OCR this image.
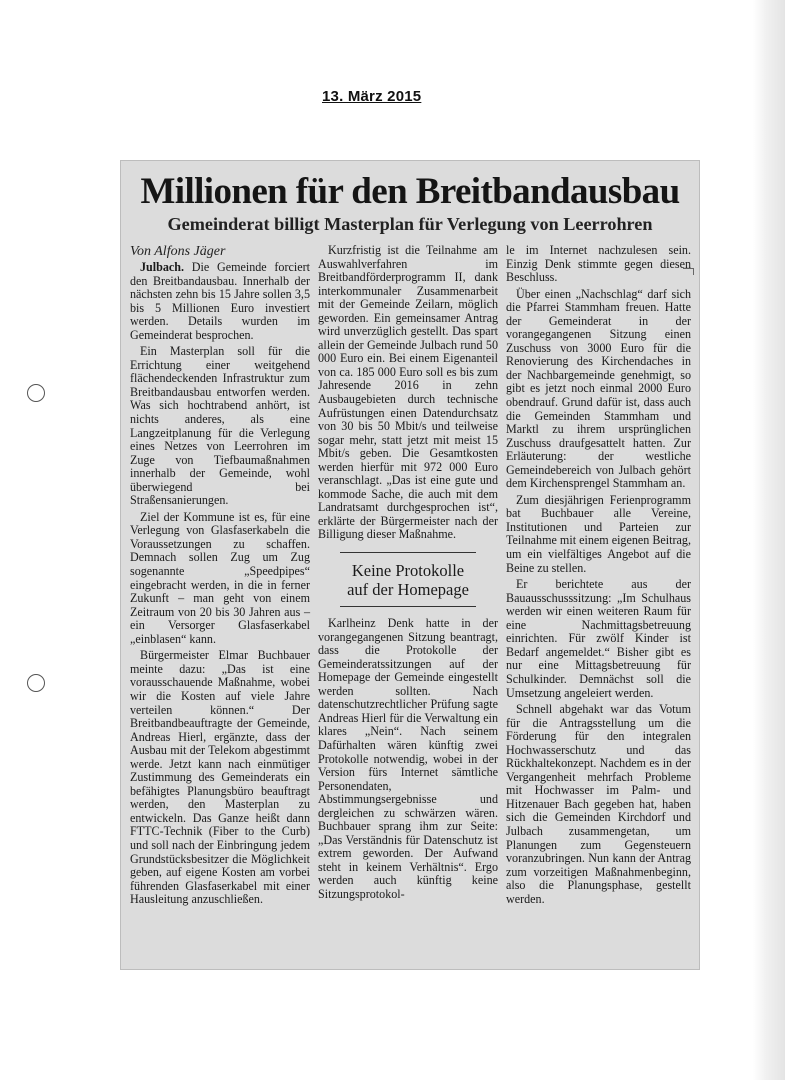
13. März 2015
Millionen für den Breitbandausbau
Gemeinderat billigt Masterplan für Verlegung von Leerrohren
Von Alfons Jäger

Julbach. Die Gemeinde forciert den Breitbandausbau. Innerhalb der nächsten zehn bis 15 Jahre sollen 3,5 bis 5 Millionen Euro investiert werden. Details wurden im Gemeinderat besprochen.

Ein Masterplan soll für die Errichtung einer weitgehend flächendeckenden Infrastruktur zum Breitbandausbau entworfen werden. Was sich hochtrabend anhört, ist nichts anderes, als eine Langzeitplanung für die Verlegung eines Netzes von Leerrohren im Zuge von Tiefbaumaßnahmen innerhalb der Gemeinde, wohl überwiegend bei Straßensanierungen.

Ziel der Kommune ist es, für eine Verlegung von Glasfaserkabeln die Voraussetzungen zu schaffen. Demnach sollen Zug um Zug sogenannte „Speedpipes“ eingebracht werden, in die in ferner Zukunft – man geht von einem Zeitraum von 20 bis 30 Jahren aus – ein Versorger Glasfaserkabel „einblasen“ kann.

Bürgermeister Elmar Buchbauer meinte dazu: „Das ist eine vorausschauende Maßnahme, wobei wir die Kosten auf viele Jahre verteilen können.“ Der Breitbandbeauftragte der Gemeinde, Andreas Hierl, ergänzte, dass der Ausbau mit der Telekom abgestimmt werde. Jetzt kann nach einmütiger Zustimmung des Gemeinderats ein befähigtes Planungsbüro beauftragt werden, den Masterplan zu entwickeln. Das Ganze heißt dann FTTC-Technik (Fiber to the Curb) und soll nach der Einbringung jedem Grundstücksbesitzer die Möglichkeit geben, auf eigene Kosten am vorbei führenden Glasfaserkabel mit einer Hausleitung anzuschließen.

Kurzfristig ist die Teilnahme am Auswahlverfahren im Breitbandförderprogramm II, dank interkommunaler Zusammenarbeit mit der Gemeinde Zeilarn, möglich geworden. Ein gemeinsamer Antrag wird unverzüglich gestellt. Das spart allein der Gemeinde Julbach rund 50 000 Euro ein. Bei einem Eigenanteil von ca. 185 000 Euro soll es bis zum Jahresende 2016 in zehn Ausbaugebieten durch technische Aufrüstungen einen Datendurchsatz von 30 bis 50 Mbit/s und teilweise sogar mehr, statt jetzt mit meist 15 Mbit/s geben. Die Gesamtkosten werden hierfür mit 972 000 Euro veranschlagt. „Das ist eine gute und kommode Sache, die auch mit dem Landratsamt durchgesprochen ist“, erklärte der Bürgermeister nach der Billigung dieser Maßnahme.

Keine Protokolle
auf der Homepage

Karlheinz Denk hatte in der vorangegangenen Sitzung beantragt, dass die Protokolle der Gemeinderatssitzungen auf der Homepage der Gemeinde eingestellt werden sollten. Nach datenschutzrechtlicher Prüfung sagte Andreas Hierl für die Verwaltung ein klares „Nein“. Nach seinem Dafürhalten wären künftig zwei Protokolle notwendig, wobei in der Version fürs Internet sämtliche Personendaten, Abstimmungsergebnisse und dergleichen zu schwärzen wären. Buchbauer sprang ihm zur Seite: „Das Verständnis für Datenschutz ist extrem geworden. Der Aufwand steht in keinem Verhältnis“. Ergo werden auch künftig keine Sitzungsprotokol-

le im Internet nachzulesen sein. Einzig Denk stimmte gegen diesen Beschluss.

Über einen „Nachschlag“ darf sich die Pfarrei Stammham freuen. Hatte der Gemeinderat in der vorangegangenen Sitzung einen Zuschuss von 3000 Euro für die Renovierung des Kirchendaches in der Nachbargemeinde genehmigt, so gibt es jetzt noch einmal 2000 Euro obendrauf. Grund dafür ist, dass auch die Gemeinden Stammham und Marktl zu ihrem ursprünglichen Zuschuss draufgesattelt hatten. Zur Erläuterung: der westliche Gemeindebereich von Julbach gehört dem Kirchensprengel Stammham an.

Zum diesjährigen Ferienprogramm bat Buchbauer alle Vereine, Institutionen und Parteien zur Teilnahme mit einem eigenen Beitrag, um ein vielfältiges Angebot auf die Beine zu stellen.

Er berichtete aus der Bauausschusssitzung: „Im Schulhaus werden wir einen weiteren Raum für eine Nachmittagsbetreuung einrichten. Für zwölf Kinder ist Bedarf angemeldet.“ Bisher gibt es nur eine Mittagsbetreuung für Schulkinder. Demnächst soll die Umsetzung angeleiert werden.

Schnell abgehakt war das Votum für die Antragsstellung um die Förderung für den integralen Hochwasserschutz und das Rückhaltekonzept. Nachdem es in der Vergangenheit mehrfach Probleme mit Hochwasser im Palm- und Hitzenauer Bach gegeben hat, haben sich die Gemeinden Kirchdorf und Julbach zusammengetan, um Planungen zum Gegensteuern voranzubringen. Nun kann der Antrag zum vorzeitigen Maßnahmenbeginn, also die Planungsphase, gestellt werden.
